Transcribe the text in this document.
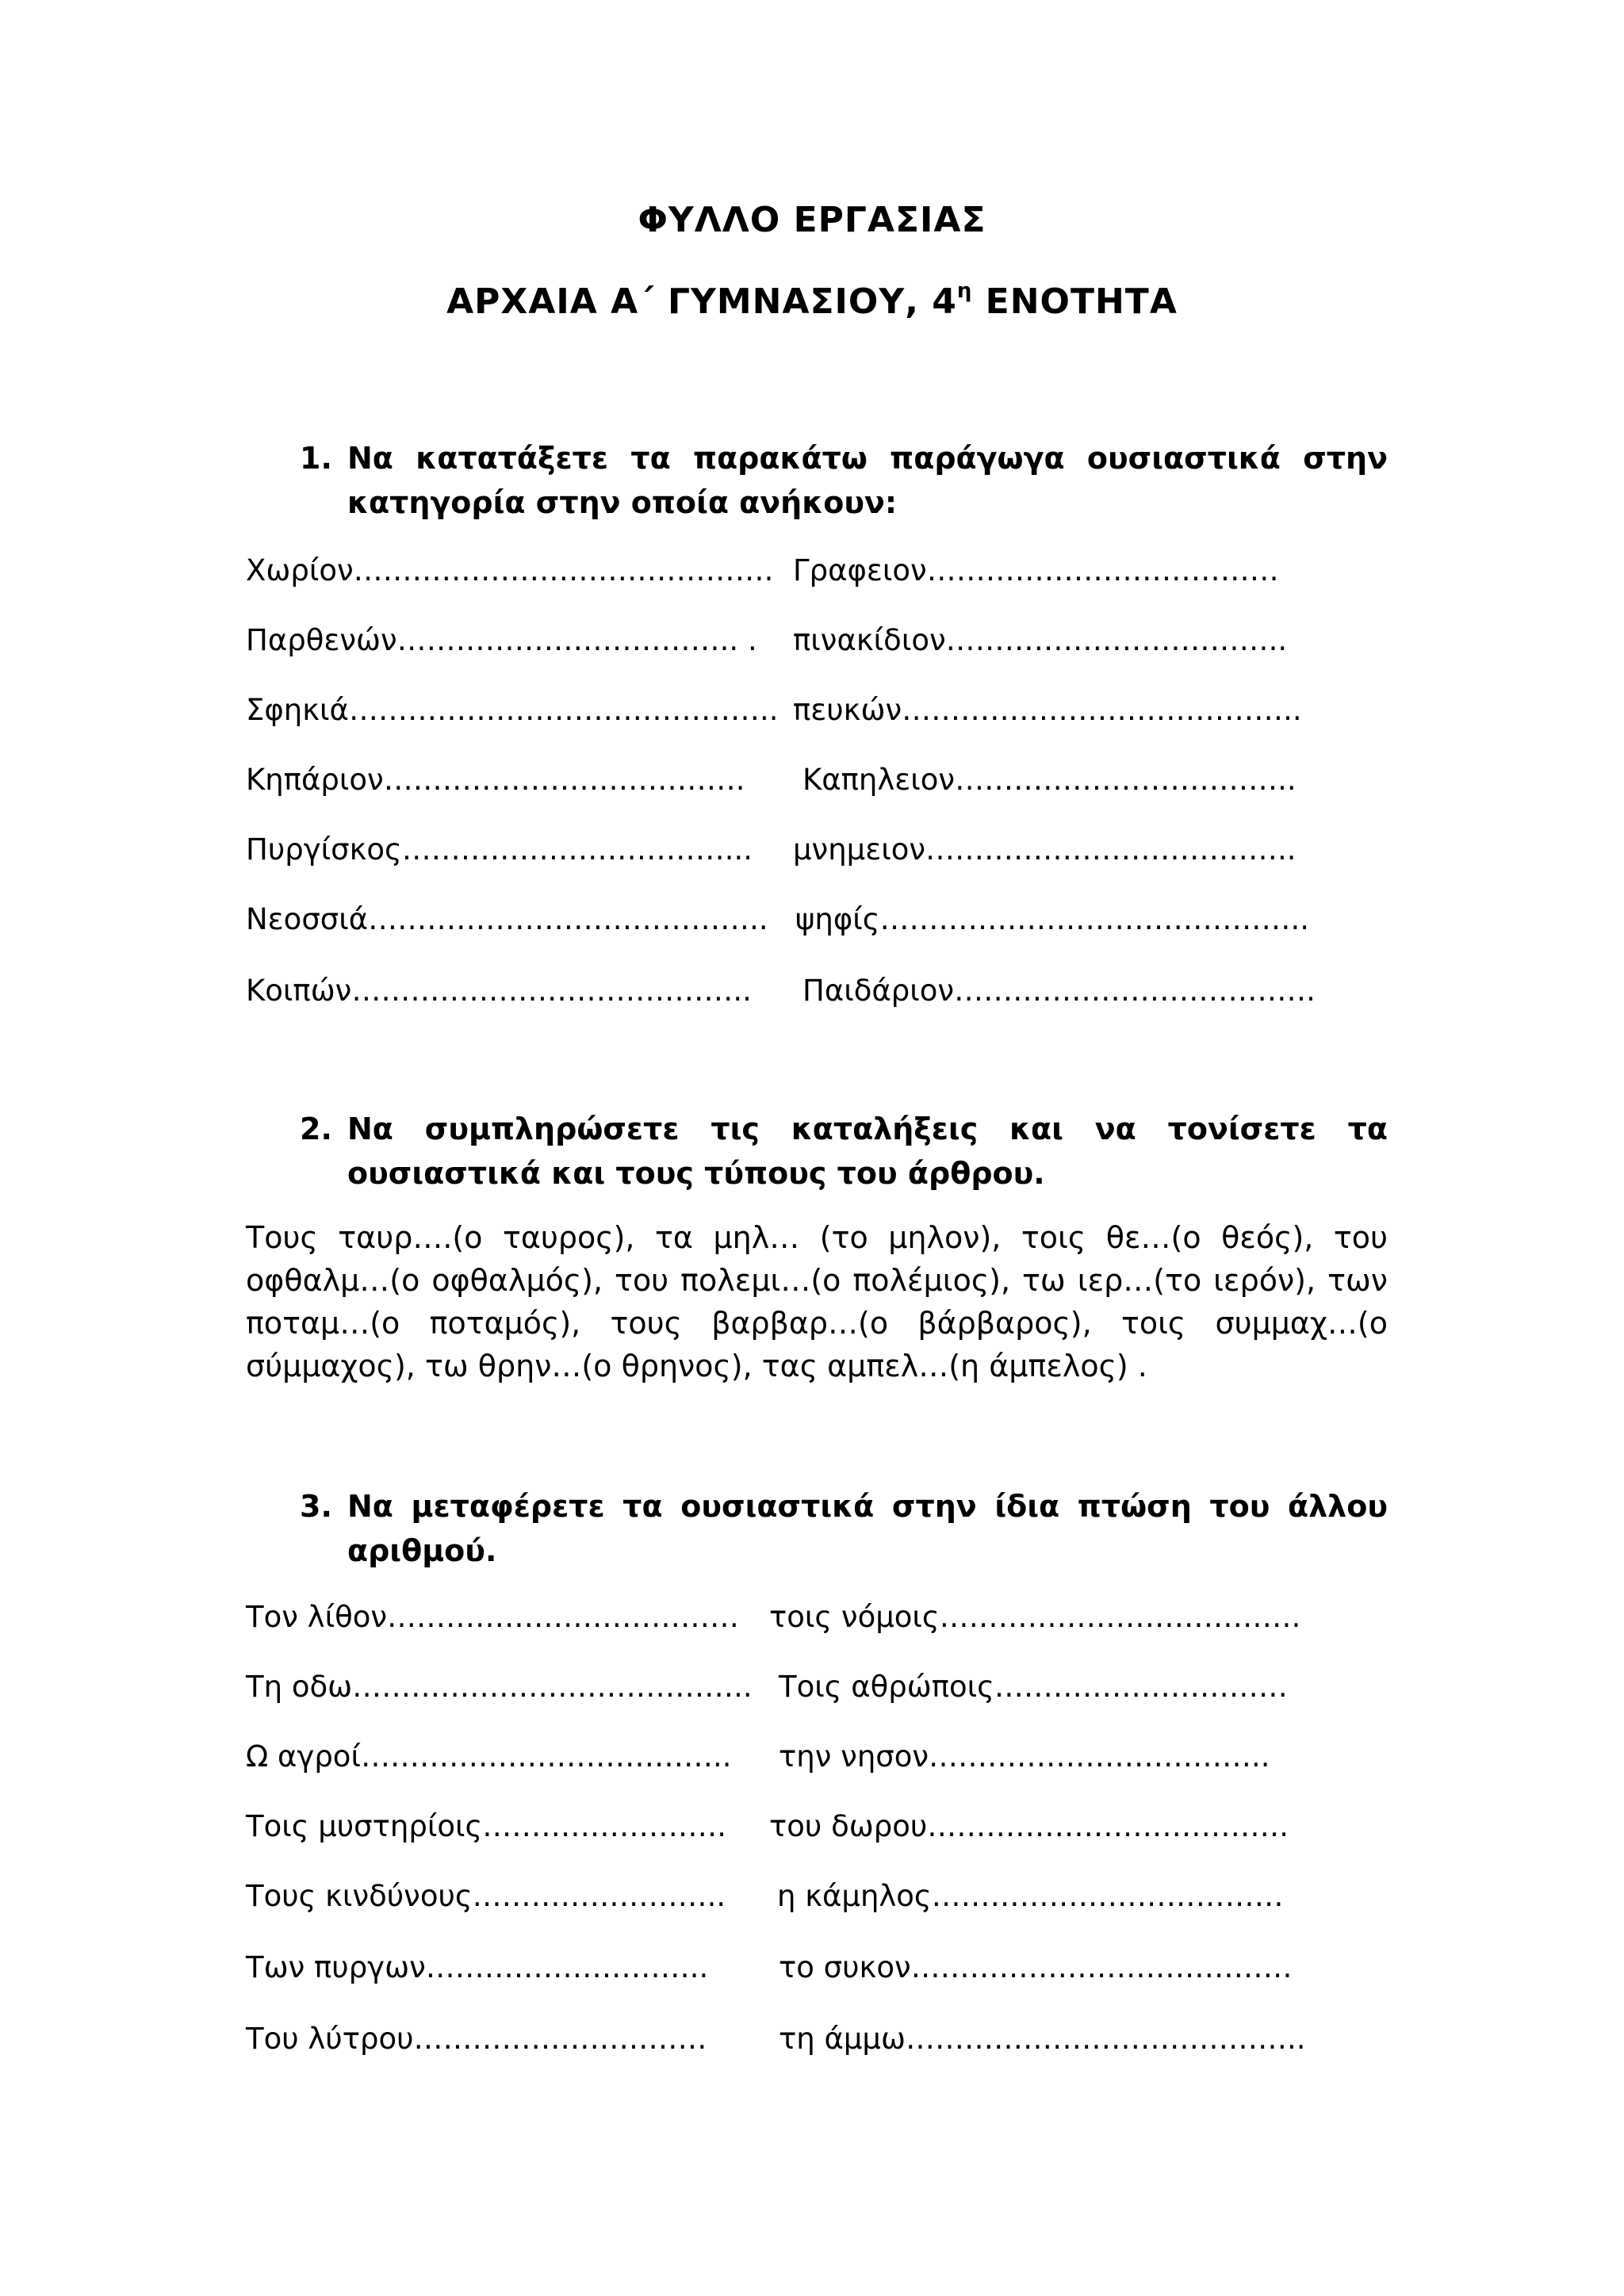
ΦΥΛΛΟ ΕΡΓΑΣΙΑΣ
ΑΡΧΑΙΑ Α΄ ΓΥΜΝΑΣΙΟΥ, $4^\eta$ ΕΝΟΤΗΤΑ
1. Να κατατάξετε τα παρακάτω παράγωγα ουσιαστικά στην κατηγορία στην οποία ανήκουν:
Χωρίον…………………………………….
Παρθενών…………………………….. .
Σφηκιά……………………………………..
Κηπάριον……………………………….
Πυργίσκος……………………………...
Νεοσσιά…………………………………..
Κοιπών…………………………………..
Γραφειον………………………………
πινακίδιον……………………………..
πευκών…………………………………..
Καπηλειον……………………………..
μνημειον………………………………..
ψηφίς……………………………………..
Παιδάριον……………………………….
2. Να συμπληρώσετε τις καταλήξεις και να τονίσετε τα ουσιαστικά και τους τύπους του άρθρου.
Τους ταυρ….(ο ταυρος), τα μηλ… (το μηλον), τοις θε…(ο θεός), του οφθαλμ…(ο οφθαλμός), του πολεμι…(ο πολέμιος), τω ιερ…(το ιερόν), των ποταμ…(ο ποταμός), τους βαρβαρ…(ο βάρβαρος), τοις συμμαχ…(ο σύμμαχος), τω θρην…(ο θρηνος), τας αμπελ…(η άμπελος) .
3. Να μεταφέρετε τα ουσιαστικά στην ίδια πτώση του άλλου αριθμού.
Τον λίθον………………………………
Τη οδω…………………………………..
Ω αγροί………………………………..
Τοις μυστηρίοις…………………….
Τους κινδύνους……………………..
Των πυργων………………………..
Του λύτρου…………………………
τοις νόμοις……………………………….
Τοις αθρώποις…………………………
την νησον……………………………..
του δωρου……………………………….
η κάμηλος………………………………
το συκον…………………………………
τη άμμω…………………………………..
